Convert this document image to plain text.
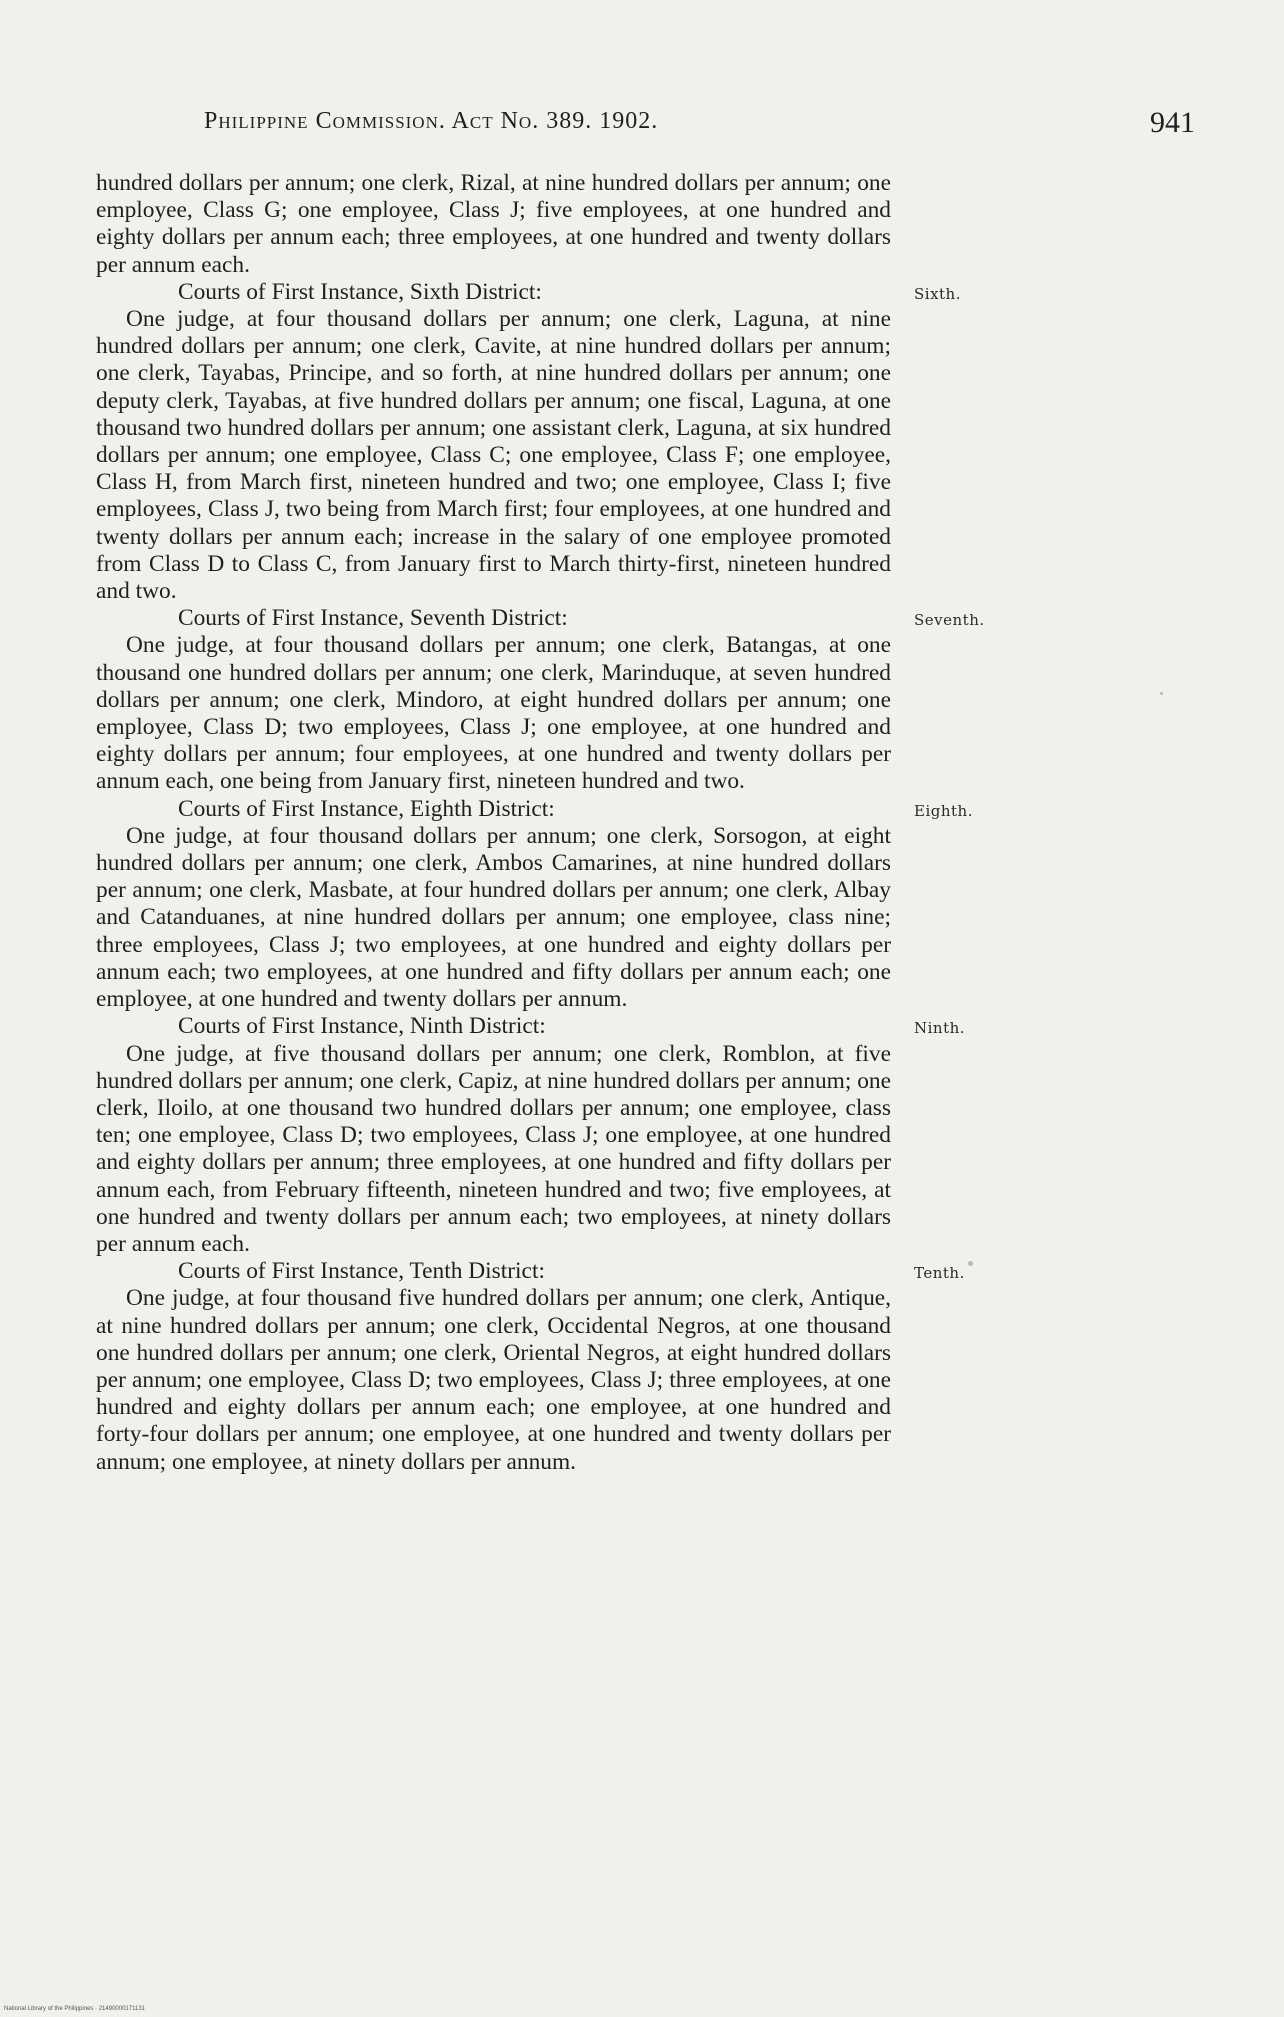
Philippine Commission. Act No. 389. 1902.	941

hundred dollars per annum; one clerk, Rizal, at nine hundred dollars per annum; one employee, Class G; one employee, Class J; five employees, at one hundred and eighty dollars per annum each; three employees, at one hundred and twenty dollars per annum each.

Courts of First Instance, Sixth District:

One judge, at four thousand dollars per annum; one clerk, Laguna, at nine hundred dollars per annum; one clerk, Cavite, at nine hundred dollars per annum; one clerk, Tayabas, Principe, and so forth, at nine hundred dollars per annum; one deputy clerk, Tayabas, at five hundred dollars per annum; one fiscal, Laguna, at one thousand two hundred dollars per annum; one assistant clerk, Laguna, at six hundred dollars per annum; one employee, Class C; one employee, Class F; one employee, Class H, from March first, nineteen hundred and two; one employee, Class I; five employees, Class J, two being from March first; four employees, at one hundred and twenty dollars per annum each; increase in the salary of one employee promoted from Class D to Class C, from January first to March thirty-first, nineteen hundred and two.

Courts of First Instance, Seventh District:

One judge, at four thousand dollars per annum; one clerk, Batangas, at one thousand one hundred dollars per annum; one clerk, Marinduque, at seven hundred dollars per annum; one clerk, Mindoro, at eight hundred dollars per annum; one employee, Class D; two employees, Class J; one employee, at one hundred and eighty dollars per annum; four employees, at one hundred and twenty dollars per annum each, one being from January first, nineteen hundred and two.

Courts of First Instance, Eighth District:

One judge, at four thousand dollars per annum; one clerk, Sorsogon, at eight hundred dollars per annum; one clerk, Ambos Camarines, at nine hundred dollars per annum; one clerk, Masbate, at four hundred dollars per annum; one clerk, Albay and Catanduanes, at nine hundred dollars per annum; one employee, class nine; three employees, Class J; two employees, at one hundred and eighty dollars per annum each; two employees, at one hundred and fifty dollars per annum each; one employee, at one hundred and twenty dollars per annum.

Courts of First Instance, Ninth District:

One judge, at five thousand dollars per annum; one clerk, Romblon, at five hundred dollars per annum; one clerk, Capiz, at nine hundred dollars per annum; one clerk, Iloilo, at one thousand two hundred dollars per annum; one employee, class ten; one employee, Class D; two employees, Class J; one employee, at one hundred and eighty dollars per annum; three employees, at one hundred and fifty dollars per annum each, from February fifteenth, nineteen hundred and two; five employees, at one hundred and twenty dollars per annum each; two employees, at ninety dollars per annum each.

Courts of First Instance, Tenth District:

One judge, at four thousand five hundred dollars per annum; one clerk, Antique, at nine hundred dollars per annum; one clerk, Occidental Negros, at one thousand one hundred dollars per annum; one clerk, Oriental Negros, at eight hundred dollars per annum; one employee, Class D; two employees, Class J; three employees, at one hundred and eighty dollars per annum each; one employee, at one hundred and forty-four dollars per annum; one employee, at one hundred and twenty dollars per annum; one employee, at ninety dollars per annum.

Sixth.
Seventh.
Eighth.
Ninth.
Tenth.
National Library of the Philippines · 21490000171131
